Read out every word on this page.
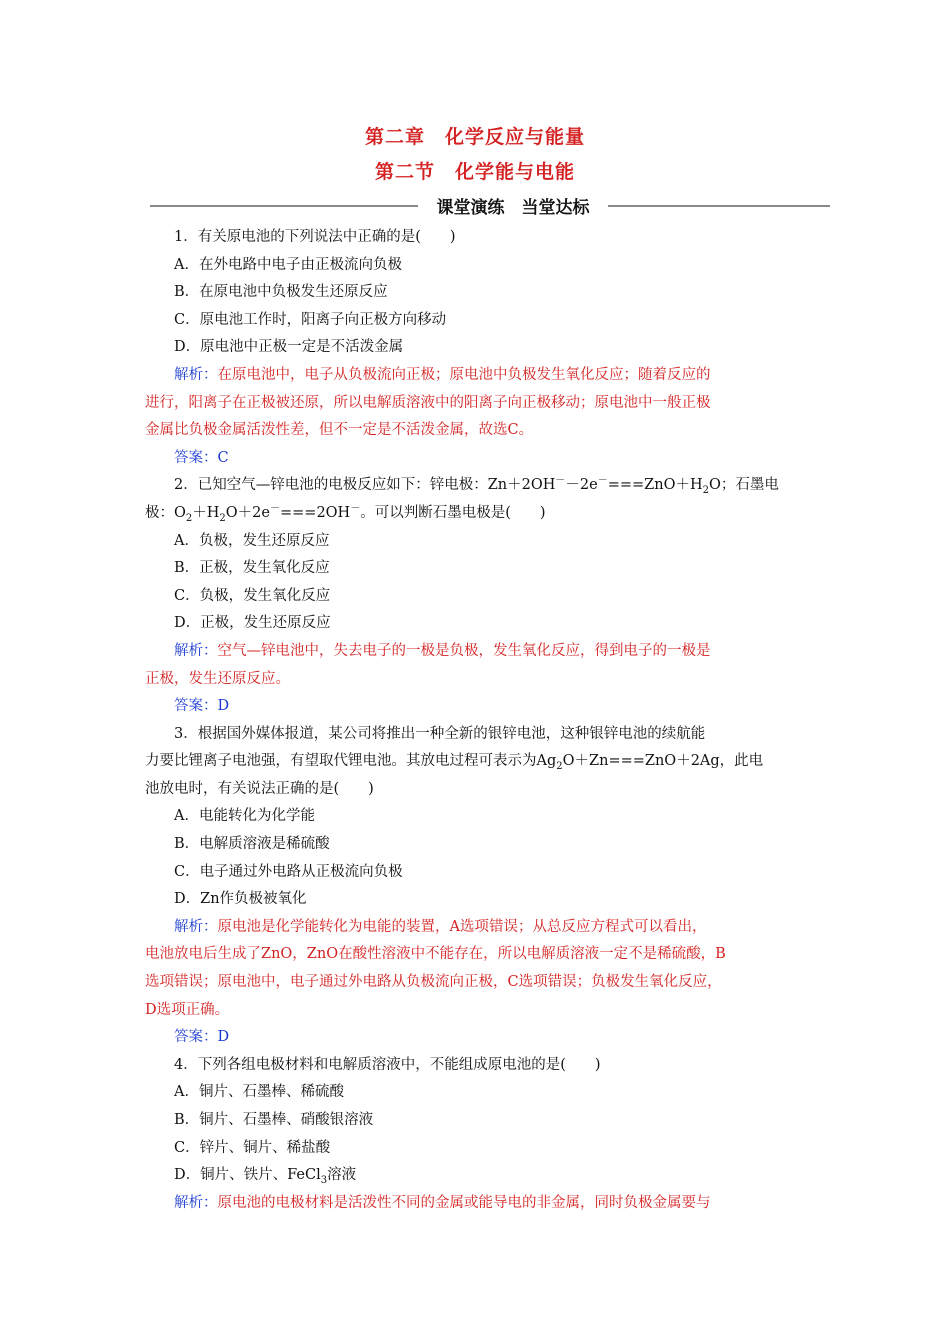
第二章　化学反应与能量
第二节　化学能与电能
课堂演练　当堂达标
1．有关原电池的下列说法中正确的是(　　)
A．在外电路中电子由正极流向负极
B．在原电池中负极发生还原反应
C．原电池工作时，阳离子向正极方向移动
D．原电池中正极一定是不活泼金属
解析：在原电池中，电子从负极流向正极；原电池中负极发生氧化反应；随着反应的
进行，阳离子在正极被还原，所以电解质溶液中的阳离子向正极移动；原电池中一般正极
金属比负极金属活泼性差，但不一定是不活泼金属，故选C。
答案：C
2．已知空气—锌电池的电极反应如下：锌电极：$Zn+2OH^--2e^-===ZnO+H_2O$；石墨电
极：$O_2+H_2O+2e^-===2OH^-$。可以判断石墨电极是(　　)
A．负极，发生还原反应
B．正极，发生氧化反应
C．负极，发生氧化反应
D．正极，发生还原反应
解析：空气—锌电池中，失去电子的一极是负极，发生氧化反应，得到电子的一极是
正极，发生还原反应。
答案：D
3．根据国外媒体报道，某公司将推出一种全新的银锌电池，这种银锌电池的续航能
力要比锂离子电池强，有望取代锂电池。其放电过程可表示为$Ag_2O+Zn===ZnO+2Ag$，此电
池放电时，有关说法正确的是(　　)
A．电能转化为化学能
B．电解质溶液是稀硫酸
C．电子通过外电路从正极流向负极
D．Zn作负极被氧化
解析：原电池是化学能转化为电能的装置，A选项错误；从总反应方程式可以看出，
电池放电后生成了ZnO，ZnO在酸性溶液中不能存在，所以电解质溶液一定不是稀硫酸，B
选项错误；原电池中，电子通过外电路从负极流向正极，C选项错误；负极发生氧化反应，
D选项正确。
答案：D
4．下列各组电极材料和电解质溶液中，不能组成原电池的是(　　)
A．铜片、石墨棒、稀硫酸
B．铜片、石墨棒、硝酸银溶液
C．锌片、铜片、稀盐酸
D．铜片、铁片、FeCl$_3$溶液
解析：原电池的电极材料是活泼性不同的金属或能导电的非金属，同时负极金属要与
